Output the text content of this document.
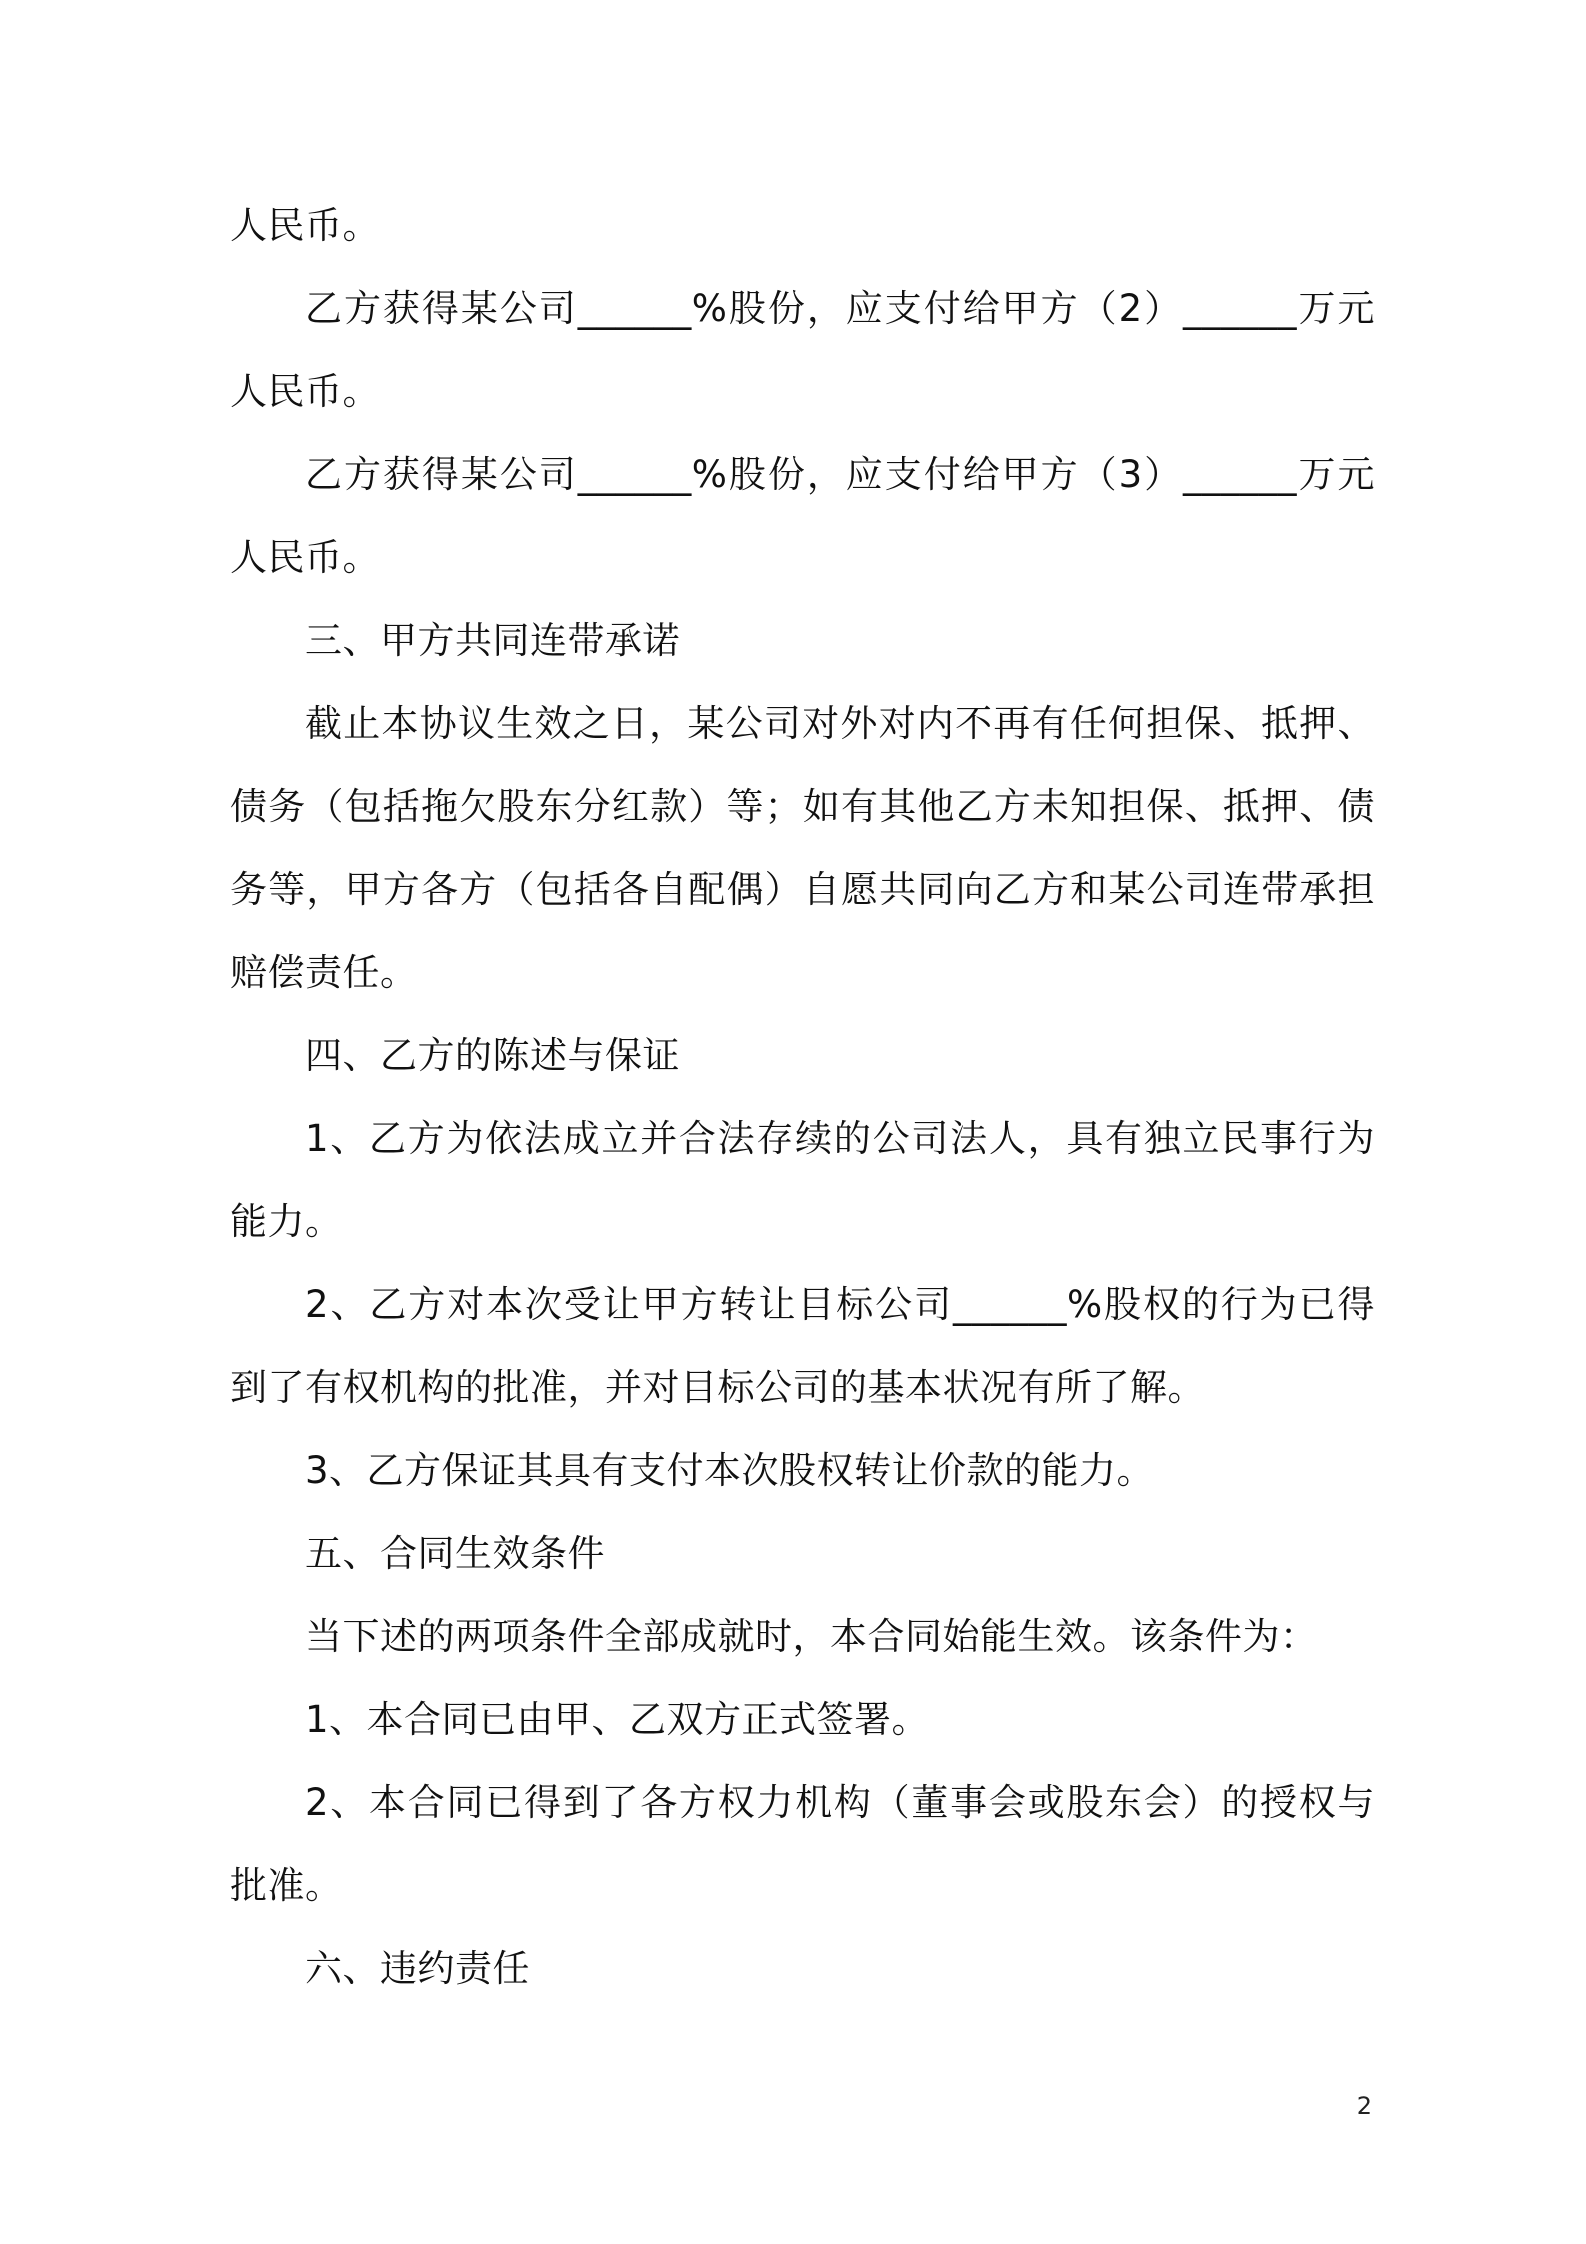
人民币。

乙方获得某公司______%股份，应支付给甲方（2）______万元人民币。

乙方获得某公司______%股份，应支付给甲方（3）______万元人民币。

三、甲方共同连带承诺

截止本协议生效之日，某公司对外对内不再有任何担保、抵押、债务（包括拖欠股东分红款）等；如有其他乙方未知担保、抵押、债务等，甲方各方（包括各自配偶）自愿共同向乙方和某公司连带承担赔偿责任。

四、乙方的陈述与保证

1、乙方为依法成立并合法存续的公司法人，具有独立民事行为能力。

2、乙方对本次受让甲方转让目标公司______%股权的行为已得到了有权机构的批准，并对目标公司的基本状况有所了解。

3、乙方保证其具有支付本次股权转让价款的能力。

五、合同生效条件

当下述的两项条件全部成就时，本合同始能生效。该条件为：

1、本合同已由甲、乙双方正式签署。

2、本合同已得到了各方权力机构（董事会或股东会）的授权与批准。

六、违约责任

2
